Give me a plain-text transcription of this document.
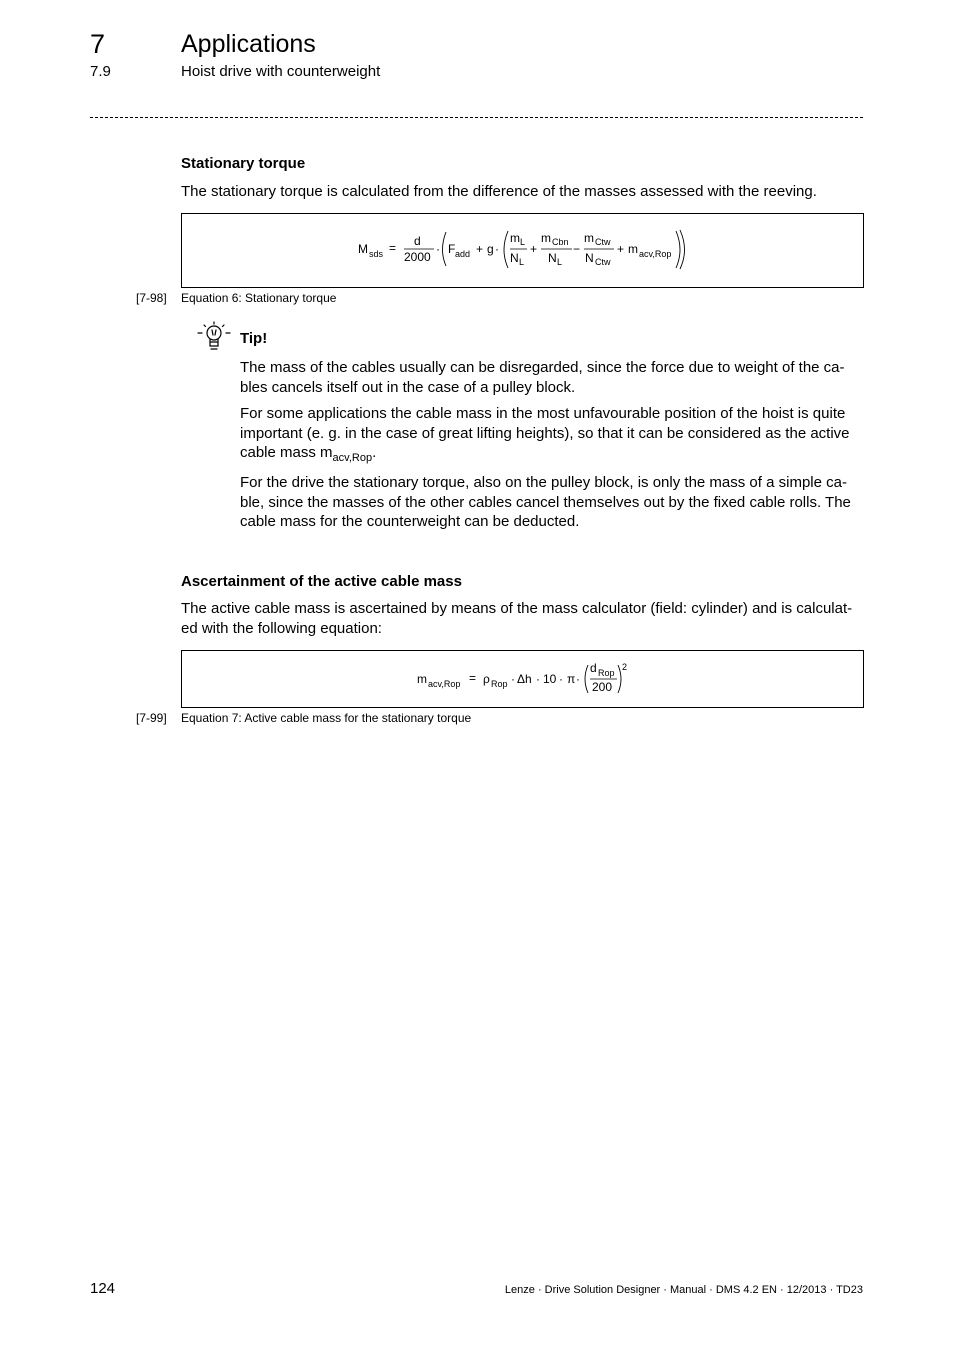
7	Applications
7.9	Hoist drive with counterweight
Stationary torque
The stationary torque is calculated from the difference of the masses assessed with the reeving.
M sds = d
2000
· F add + g ·
m L
N L
+
m Cbn
N L
−
m Ctw
N Ctw
+ m acv,Rop
[7-98] Equation 6: Stationary torque
Tip!
The mass of the cables usually can be disregarded, since the force due to weight of the ca-bles cancels itself out in the case of a pulley block.
For some applications the cable mass in the most unfavourable position of the hoist is quite important (e. g. in the case of great lifting heights), so that it can be considered as the active cable mass $m_{acv,Rop}$.
For the drive the stationary torque, also on the pulley block, is only the mass of a simple ca-ble, since the masses of the other cables cancel themselves out by the fixed cable rolls. The cable mass for the counterweight can be deducted.
Ascertainment of the active cable mass
The active cable mass is ascertained by means of the mass calculator (field: cylinder) and is calculat-ed with the following equation:
m acv,Rop = ρ Rop · Δh · 10 · π ·
d Rop
200
2
[7-99] Equation 7: Active cable mass for the stationary torque
124	Lenze · Drive Solution Designer · Manual · DMS 4.2 EN · 12/2013 · TD23
